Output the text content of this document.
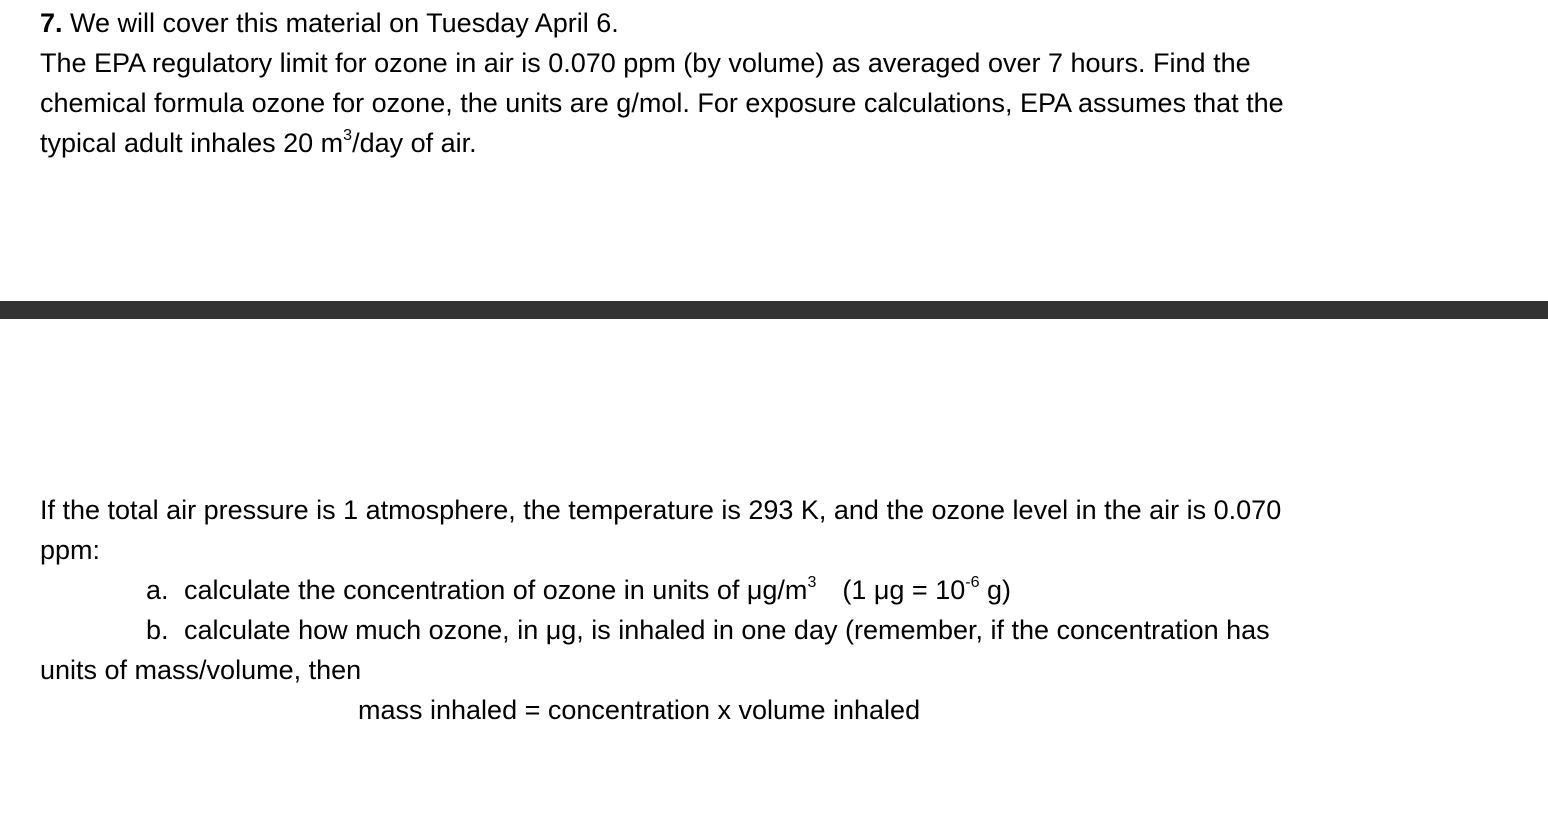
7. We will cover this material on Tuesday April 6.
The EPA regulatory limit for ozone in air is 0.070 ppm (by volume) as averaged over 7 hours. Find the
chemical formula ozone for ozone, the units are g/mol. For exposure calculations, EPA assumes that the
typical adult inhales 20 $m^3$/day of air.
If the total air pressure is 1 atmosphere, the temperature is 293 K, and the ozone level in the air is 0.070
ppm:
a. calculate the concentration of ozone in units of $\mu g/m^3$ (1 $\mu g = 10^{-6}$ g)
b. calculate how much ozone, in μg, is inhaled in one day (remember, if the concentration has
units of mass/volume, then
mass inhaled = concentration x volume inhaled
